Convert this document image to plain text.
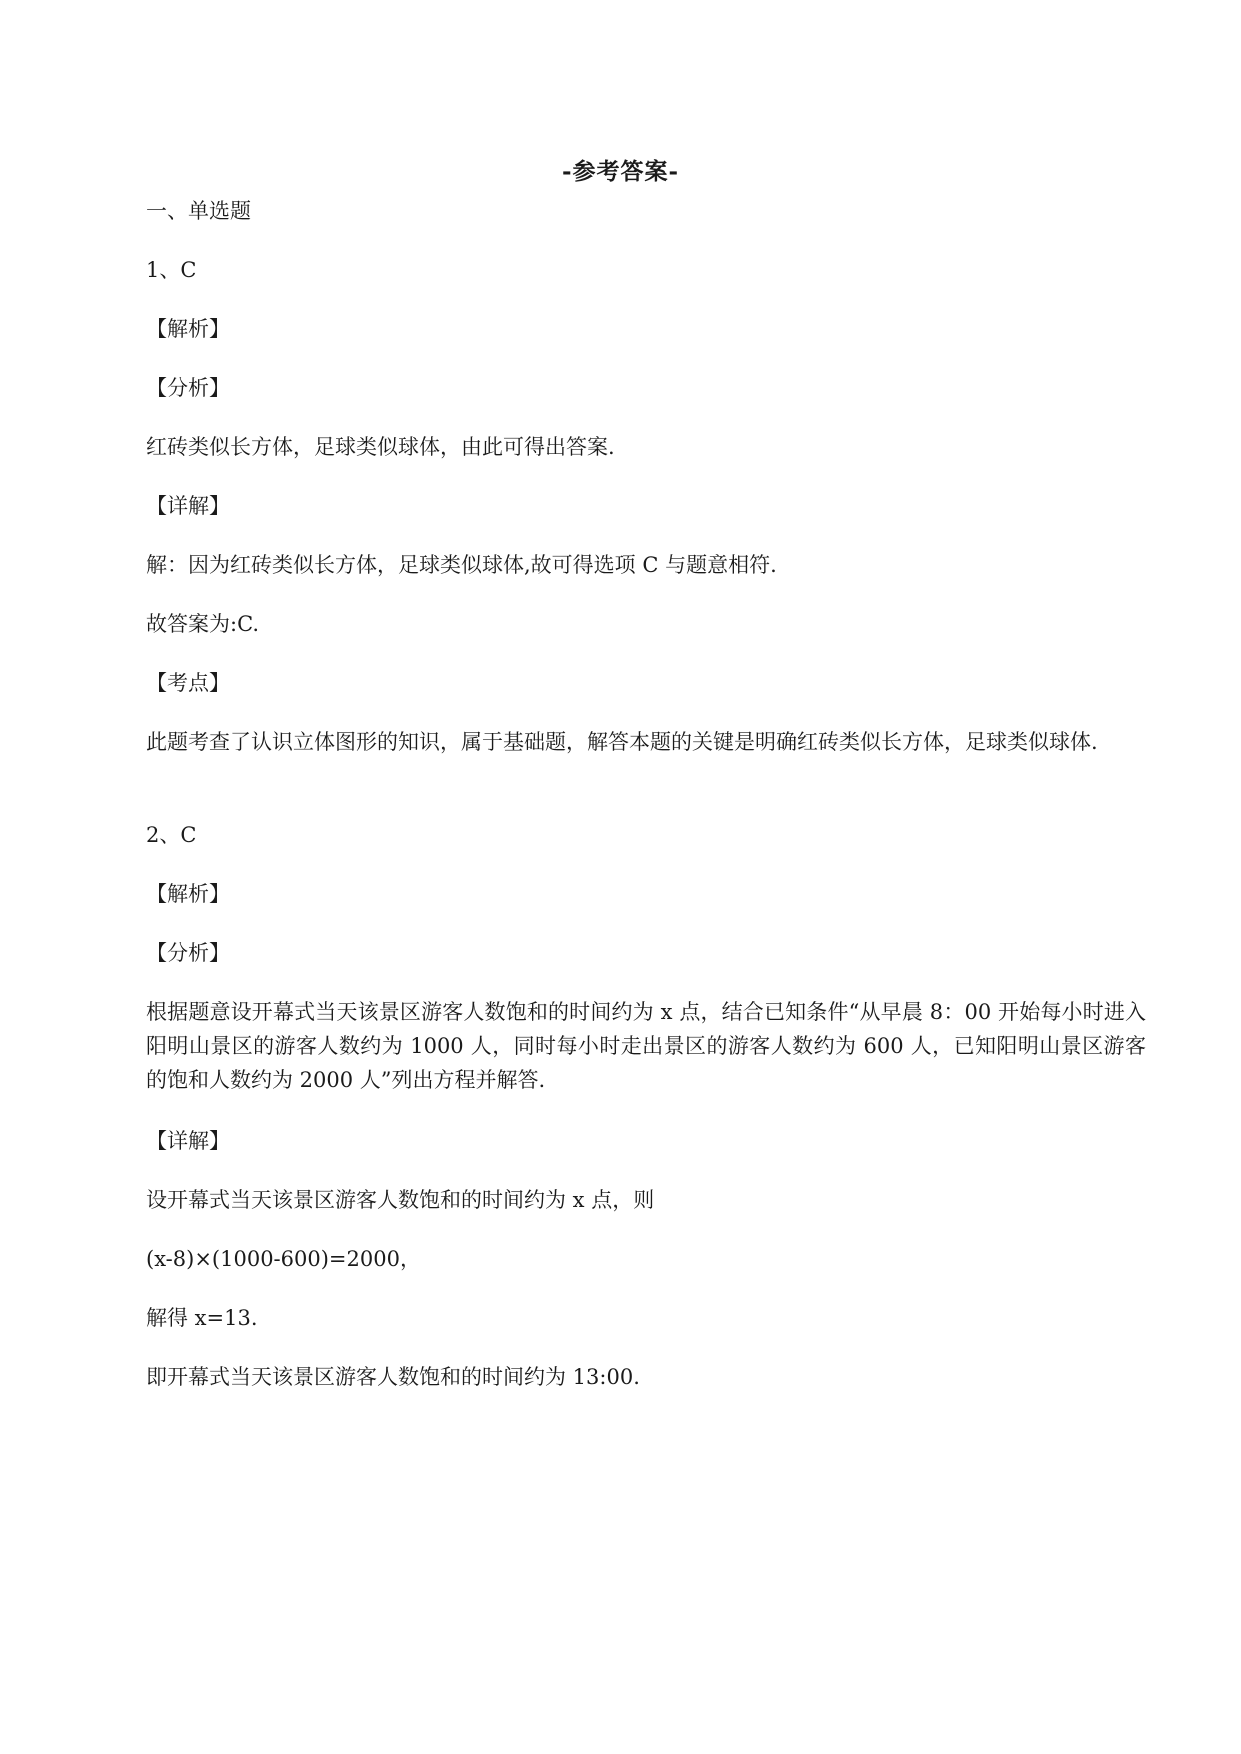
-参考答案-
一、单选题
1、C
【解析】
【分析】
红砖类似长方体，足球类似球体，由此可得出答案.
【详解】
解：因为红砖类似长方体，足球类似球体,故可得选项 C 与题意相符.
故答案为:C.
【考点】
此题考查了认识立体图形的知识，属于基础题，解答本题的关键是明确红砖类似长方体，足球类似球体.
2、C
【解析】
【分析】
根据题意设开幕式当天该景区游客人数饱和的时间约为 x 点，结合已知条件“从早晨 8：00 开始每小时进入阳明山景区的游客人数约为 1000 人，同时每小时走出景区的游客人数约为 600 人，已知阳明山景区游客的饱和人数约为 2000 人”列出方程并解答.
【详解】
设开幕式当天该景区游客人数饱和的时间约为 x 点，则
(x-8)×(1000-600)=2000，
解得 x=13.
即开幕式当天该景区游客人数饱和的时间约为 13:00.
